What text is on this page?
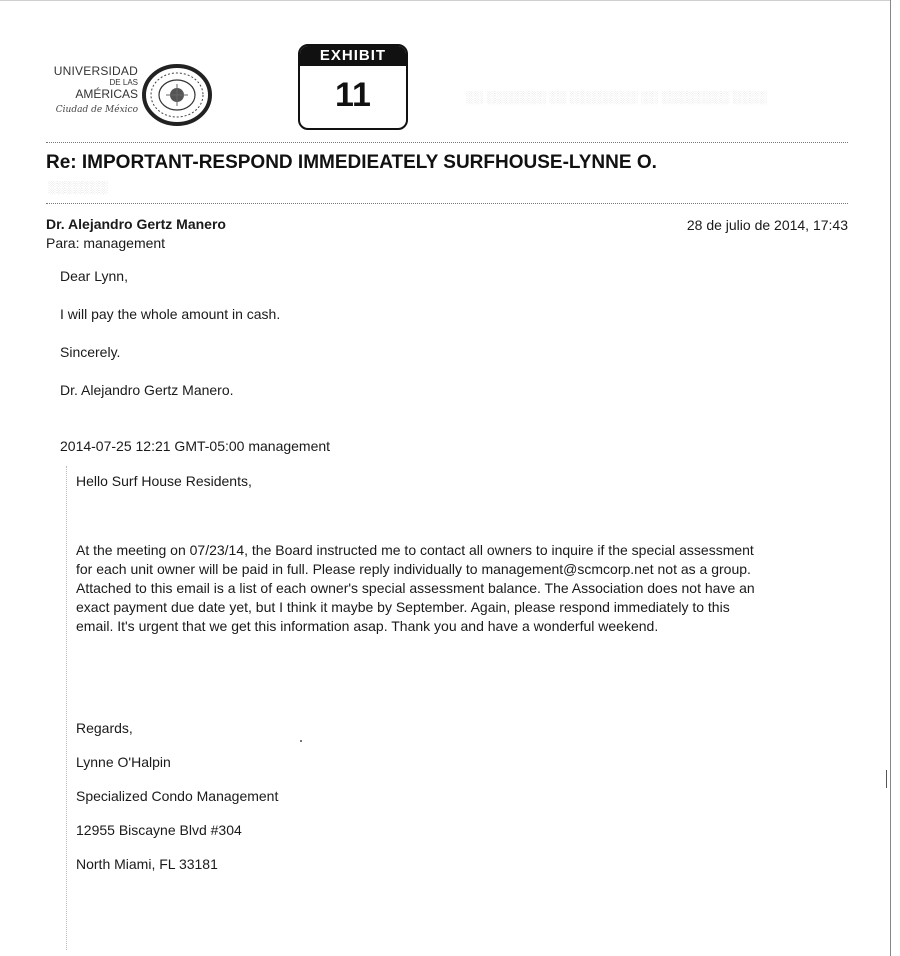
UNIVERSIDAD
DE LAS
AMÉRICAS
Ciudad de México
EXHIBIT
11	░░ ░░░░░░░ ░░ ░░░░░░░░ ░░ ░░░░░░░░ ░░░░
Re: IMPORTANT-RESPOND IMMEDIEATELY SURFHOUSE-LYNNE O.
░░░░░░░
Dr. Alejandro Gertz Manero	28 de julio de 2014, 17:43
Para: management
Dear Lynn,
I will pay the whole amount in cash.
Sincerely.
Dr. Alejandro Gertz Manero.
2014-07-25 12:21 GMT-05:00 management
Hello Surf House Residents,
At the meeting on 07/23/14, the Board instructed me to contact all owners to inquire if the special assessment
for each unit owner will be paid in full. Please reply individually to management@scmcorp.net not as a group.
Attached to this email is a list of each owner's special assessment balance. The Association does not have an
exact payment due date yet, but I think it maybe by September. Again, please respond immediately to this
email. It's urgent that we get this information asap. Thank you and have a wonderful weekend.
Regards,
Lynne O'Halpin
Specialized Condo Management
12955 Biscayne Blvd #304
North Miami, FL 33181
